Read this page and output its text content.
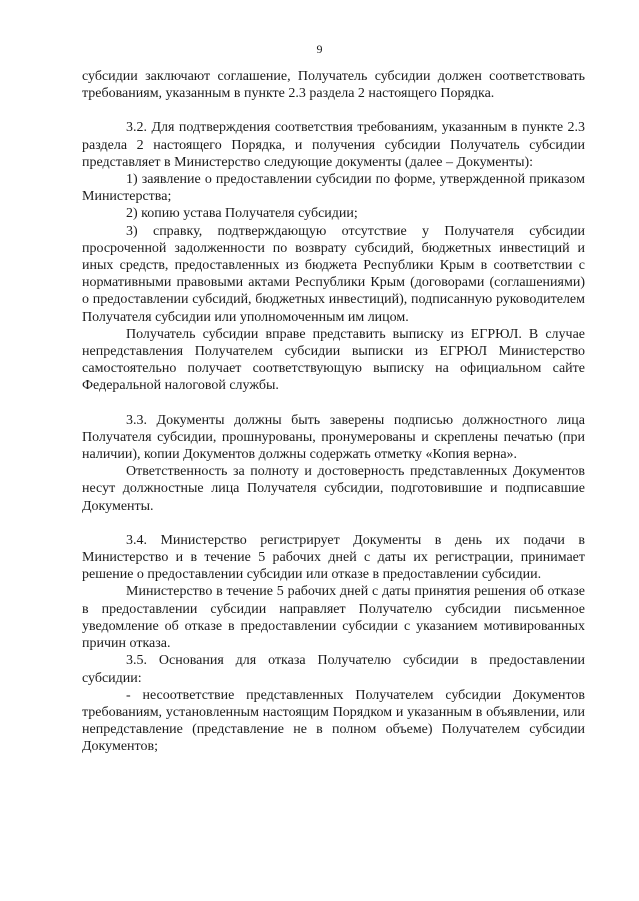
9

субсидии заключают соглашение, Получатель субсидии должен соответствовать требованиям, указанным в пункте 2.3 раздела 2 настоящего Порядка.

3.2. Для подтверждения соответствия требованиям, указанным в пункте 2.3 раздела 2 настоящего Порядка, и получения субсидии Получатель субсидии представляет в Министерство следующие документы (далее – Документы):

1) заявление о предоставлении субсидии по форме, утвержденной приказом Министерства;

2) копию устава Получателя субсидии;

3) справку, подтверждающую отсутствие у Получателя субсидии просроченной задолженности по возврату субсидий, бюджетных инвестиций и иных средств, предоставленных из бюджета Республики Крым в соответствии с нормативными правовыми актами Республики Крым (договорами (соглашениями) о предоставлении субсидий, бюджетных инвестиций), подписанную руководителем Получателя субсидии или уполномоченным им лицом.

Получатель субсидии вправе представить выписку из ЕГРЮЛ. В случае непредставления Получателем субсидии выписки из ЕГРЮЛ Министерство самостоятельно получает соответствующую выписку на официальном сайте Федеральной налоговой службы.

3.3. Документы должны быть заверены подписью должностного лица Получателя субсидии, прошнурованы, пронумерованы и скреплены печатью (при наличии), копии Документов должны содержать отметку «Копия верна».

Ответственность за полноту и достоверность представленных Документов несут должностные лица Получателя субсидии, подготовившие и подписавшие Документы.

3.4. Министерство регистрирует Документы в день их подачи в Министерство и в течение 5 рабочих дней с даты их регистрации, принимает решение о предоставлении субсидии или отказе в предоставлении субсидии.

Министерство в течение 5 рабочих дней с даты принятия решения об отказе в предоставлении субсидии направляет Получателю субсидии письменное уведомление об отказе в предоставлении субсидии с указанием мотивированных причин отказа.

3.5. Основания для отказа Получателю субсидии в предоставлении субсидии:

- несоответствие представленных Получателем субсидии Документов требованиям, установленным настоящим Порядком и указанным в объявлении, или непредставление (представление не в полном объеме) Получателем субсидии Документов;
